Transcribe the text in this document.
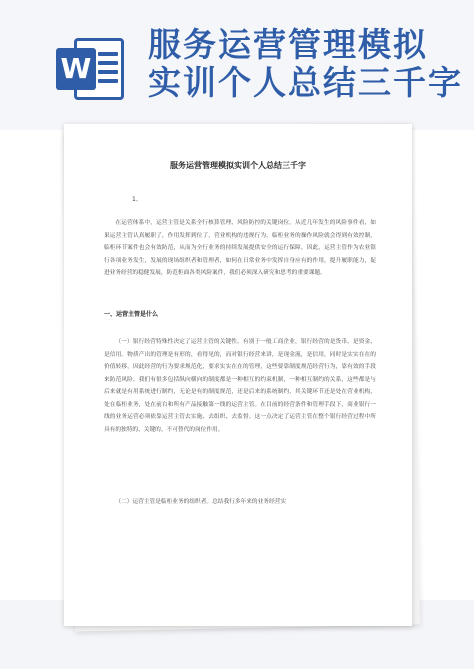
W
服务运营管理模拟
实训个人总结三千字
服务运营管理模拟实训个人总结三千字
1、
在运营体系中，运营主管是关系全行核算管理、风险防控的关键岗位。从近几年发生的风险事件看，如果运营主管认真履职了，作用发挥到位了，营业机构的违规行为，临柜业务的操作风险就会得到有效控制，临柜环节案件也会有效防范，从而为全行业务的持续发展提供安全的运行保障。因此，运营主管作为农业银行各项业务发生，发展的现场组织者和管理者，如何在日常业务中发挥自身应有的作用，提升履职能力，促进业务经营的稳健发展，防范柜面各类风险案件，我们必须深入研究和思考的重要课题。
一、运营主管是什么
（一）银行经营特殊性决定了运营主管的关键性。有别于一般工商企业，银行经营的是货币、是资金、是信用。物质产出的管理是有形的，看得见的，而对银行经营来讲，是现金流，是信用，同时是实实在在的价值转移，因此经营的行为要求规范化，要求实实在在的管理，这些要靠制度规范经营行为，靠有效的手段来防范风险。我们有很多包括纵向横向的制度都是一种相互的约束机制，一种相互制约的关系，这些都是与后来就是有用系统进行制约，无论是有的制度规范，还是后来的系统制约，其关键环节还是处在营业机构，处在临柜业务，处在前台和所有产品接触第一线的运营主管。在目前的经营条件和管理手段下，商业银行一线的业务运营必须依靠运营主管去实施、去组织、去监督。这一点决定了运营主管在整个银行经营过程中所具有的独特的、关键的、不可替代的岗位作用。
（二）运营主管是临柜业务的组织者。总结我行多年来的业务经营实
